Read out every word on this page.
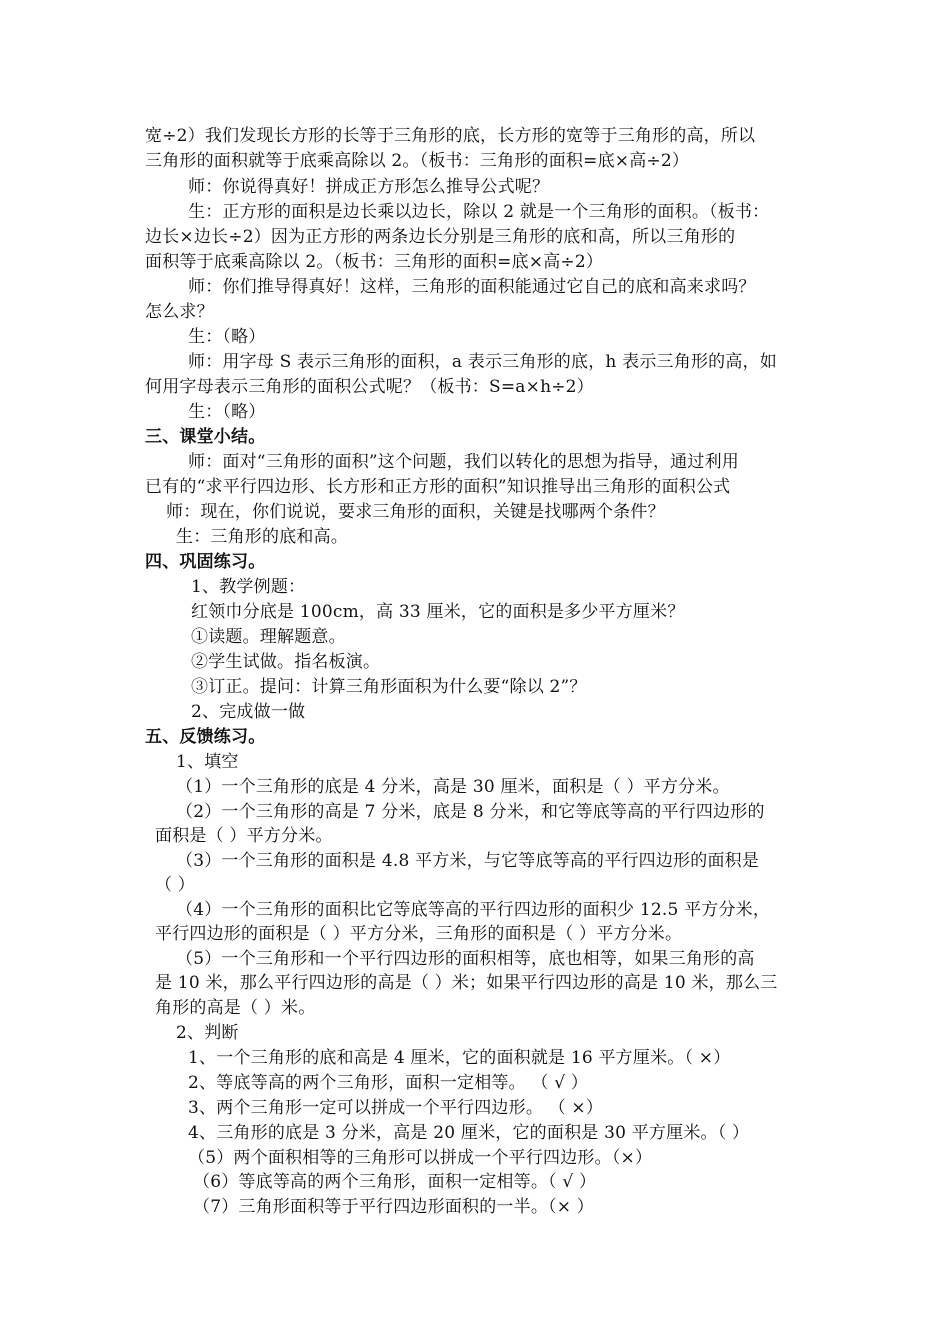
宽÷2）我们发现长方形的长等于三角形的底，长方形的宽等于三角形的高，所以
三角形的面积就等于底乘高除以 2。（板书：三角形的面积=底×高÷2）
师：你说得真好！拼成正方形怎么推导公式呢？
生：正方形的面积是边长乘以边长，除以 2 就是一个三角形的面积。（板书：
边长×边长÷2）因为正方形的两条边长分别是三角形的底和高，所以三角形的
面积等于底乘高除以 2。（板书：三角形的面积=底×高÷2）
师：你们推导得真好！这样，三角形的面积能通过它自己的底和高来求吗？
怎么求？
生：（略）
师：用字母 S 表示三角形的面积，a 表示三角形的底，h 表示三角形的高，如
何用字母表示三角形的面积公式呢？（板书：S=a×h÷2）
生：（略）
三、课堂小结。
师：面对“三角形的面积”这个问题，我们以转化的思想为指导，通过利用
已有的“求平行四边形、长方形和正方形的面积”知识推导出三角形的面积公式
师：现在，你们说说，要求三角形的面积，关键是找哪两个条件？
生：三角形的底和高。
四、巩固练习。
1、教学例题：
红领巾分底是 100cm，高 33 厘米，它的面积是多少平方厘米？
①读题。理解题意。
②学生试做。指名板演。
③订正。提问：计算三角形面积为什么要“除以 2”？
2、完成做一做
五、反馈练习。
1、填空
（1）一个三角形的底是 4 分米，高是 30 厘米，面积是（ ）平方分米。
（2）一个三角形的高是 7 分米，底是 8 分米，和它等底等高的平行四边形的
面积是（ ）平方分米。
（3）一个三角形的面积是 4.8 平方米，与它等底等高的平行四边形的面积是
（ ）
（4）一个三角形的面积比它等底等高的平行四边形的面积少 12.5 平方分米，
平行四边形的面积是（ ）平方分米，三角形的面积是（ ）平方分米。
（5）一个三角形和一个平行四边形的面积相等，底也相等，如果三角形的高
是 10 米，那么平行四边形的高是（ ）米；如果平行四边形的高是 10 米，那么三
角形的高是（ ）米。
2、判断
1、一个三角形的底和高是 4 厘米，它的面积就是 16 平方厘米。（ ×）
2、等底等高的两个三角形，面积一定相等。 （ √ ）
3、两个三角形一定可以拼成一个平行四边形。 （ ×）
4、三角形的底是 3 分米，高是 20 厘米，它的面积是 30 平方厘米。（ ）
（5）两个面积相等的三角形可以拼成一个平行四边形。（×）
（6）等底等高的两个三角形，面积一定相等。（ √ ）
（7）三角形面积等于平行四边形面积的一半。（× ）
